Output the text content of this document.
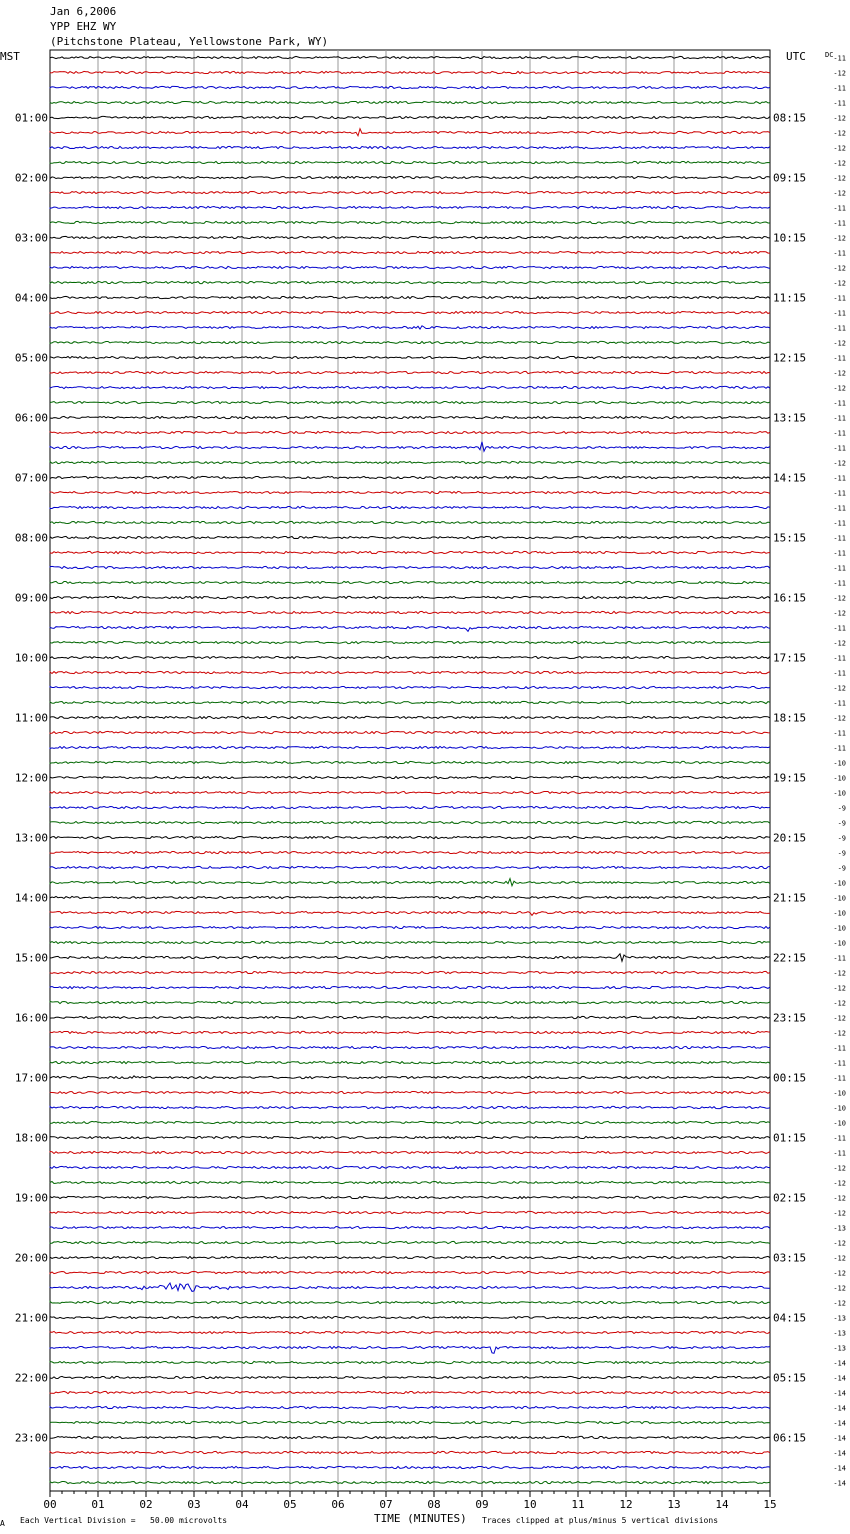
Jan 6,2006
YPP EHZ WY
(Pitchstone Plateau, Yellowstone Park, WY)
MST	UTC	DC
00	01	02	03	04	05	06	07	08	09	10	11	12	13	14	15
-11
-12
-11
-11
-12
-12
-12
-12
-12
-12
-11
-11
-12
-11
-12
-12
-11
-11
-11
-12
-11
-12
-12
-11
-11
-11
-11
-12
-11
-11
-11
-11
-11
-11
-11
-11
-12
-12
-11
-12
-11
-11
-12
-11
-12
-11
-11
-10
-10
-10
-9
-9
-9
-9
-9
-10
-10
-10
-10
-10
-11
-12
-12
-12
-12
-12
-11
-11
-11
-10
-10
-10
-11
-11
-12
-12
-12
-12
-13
-12
-12
-12
-12
-12
-13
-13
-13
-14
-14
-14
-14
-14
-14
-14
-14
-14
01:00
02:00
03:00
04:00
05:00
06:00
07:00
08:00
09:00
10:00
11:00
12:00
13:00
14:00
15:00
16:00
17:00
18:00
19:00
20:00
21:00
22:00
23:00
08:15
09:15
10:15
11:15
12:15
13:15
14:15
15:15
16:15
17:15
18:15
19:15
20:15
21:15
22:15
23:15
00:15
01:15
02:15
03:15
04:15
05:15
06:15
A Each Vertical Division =   50.00 microvolts	TIME (MINUTES) Traces clipped at plus/minus 5 vertical divisions
